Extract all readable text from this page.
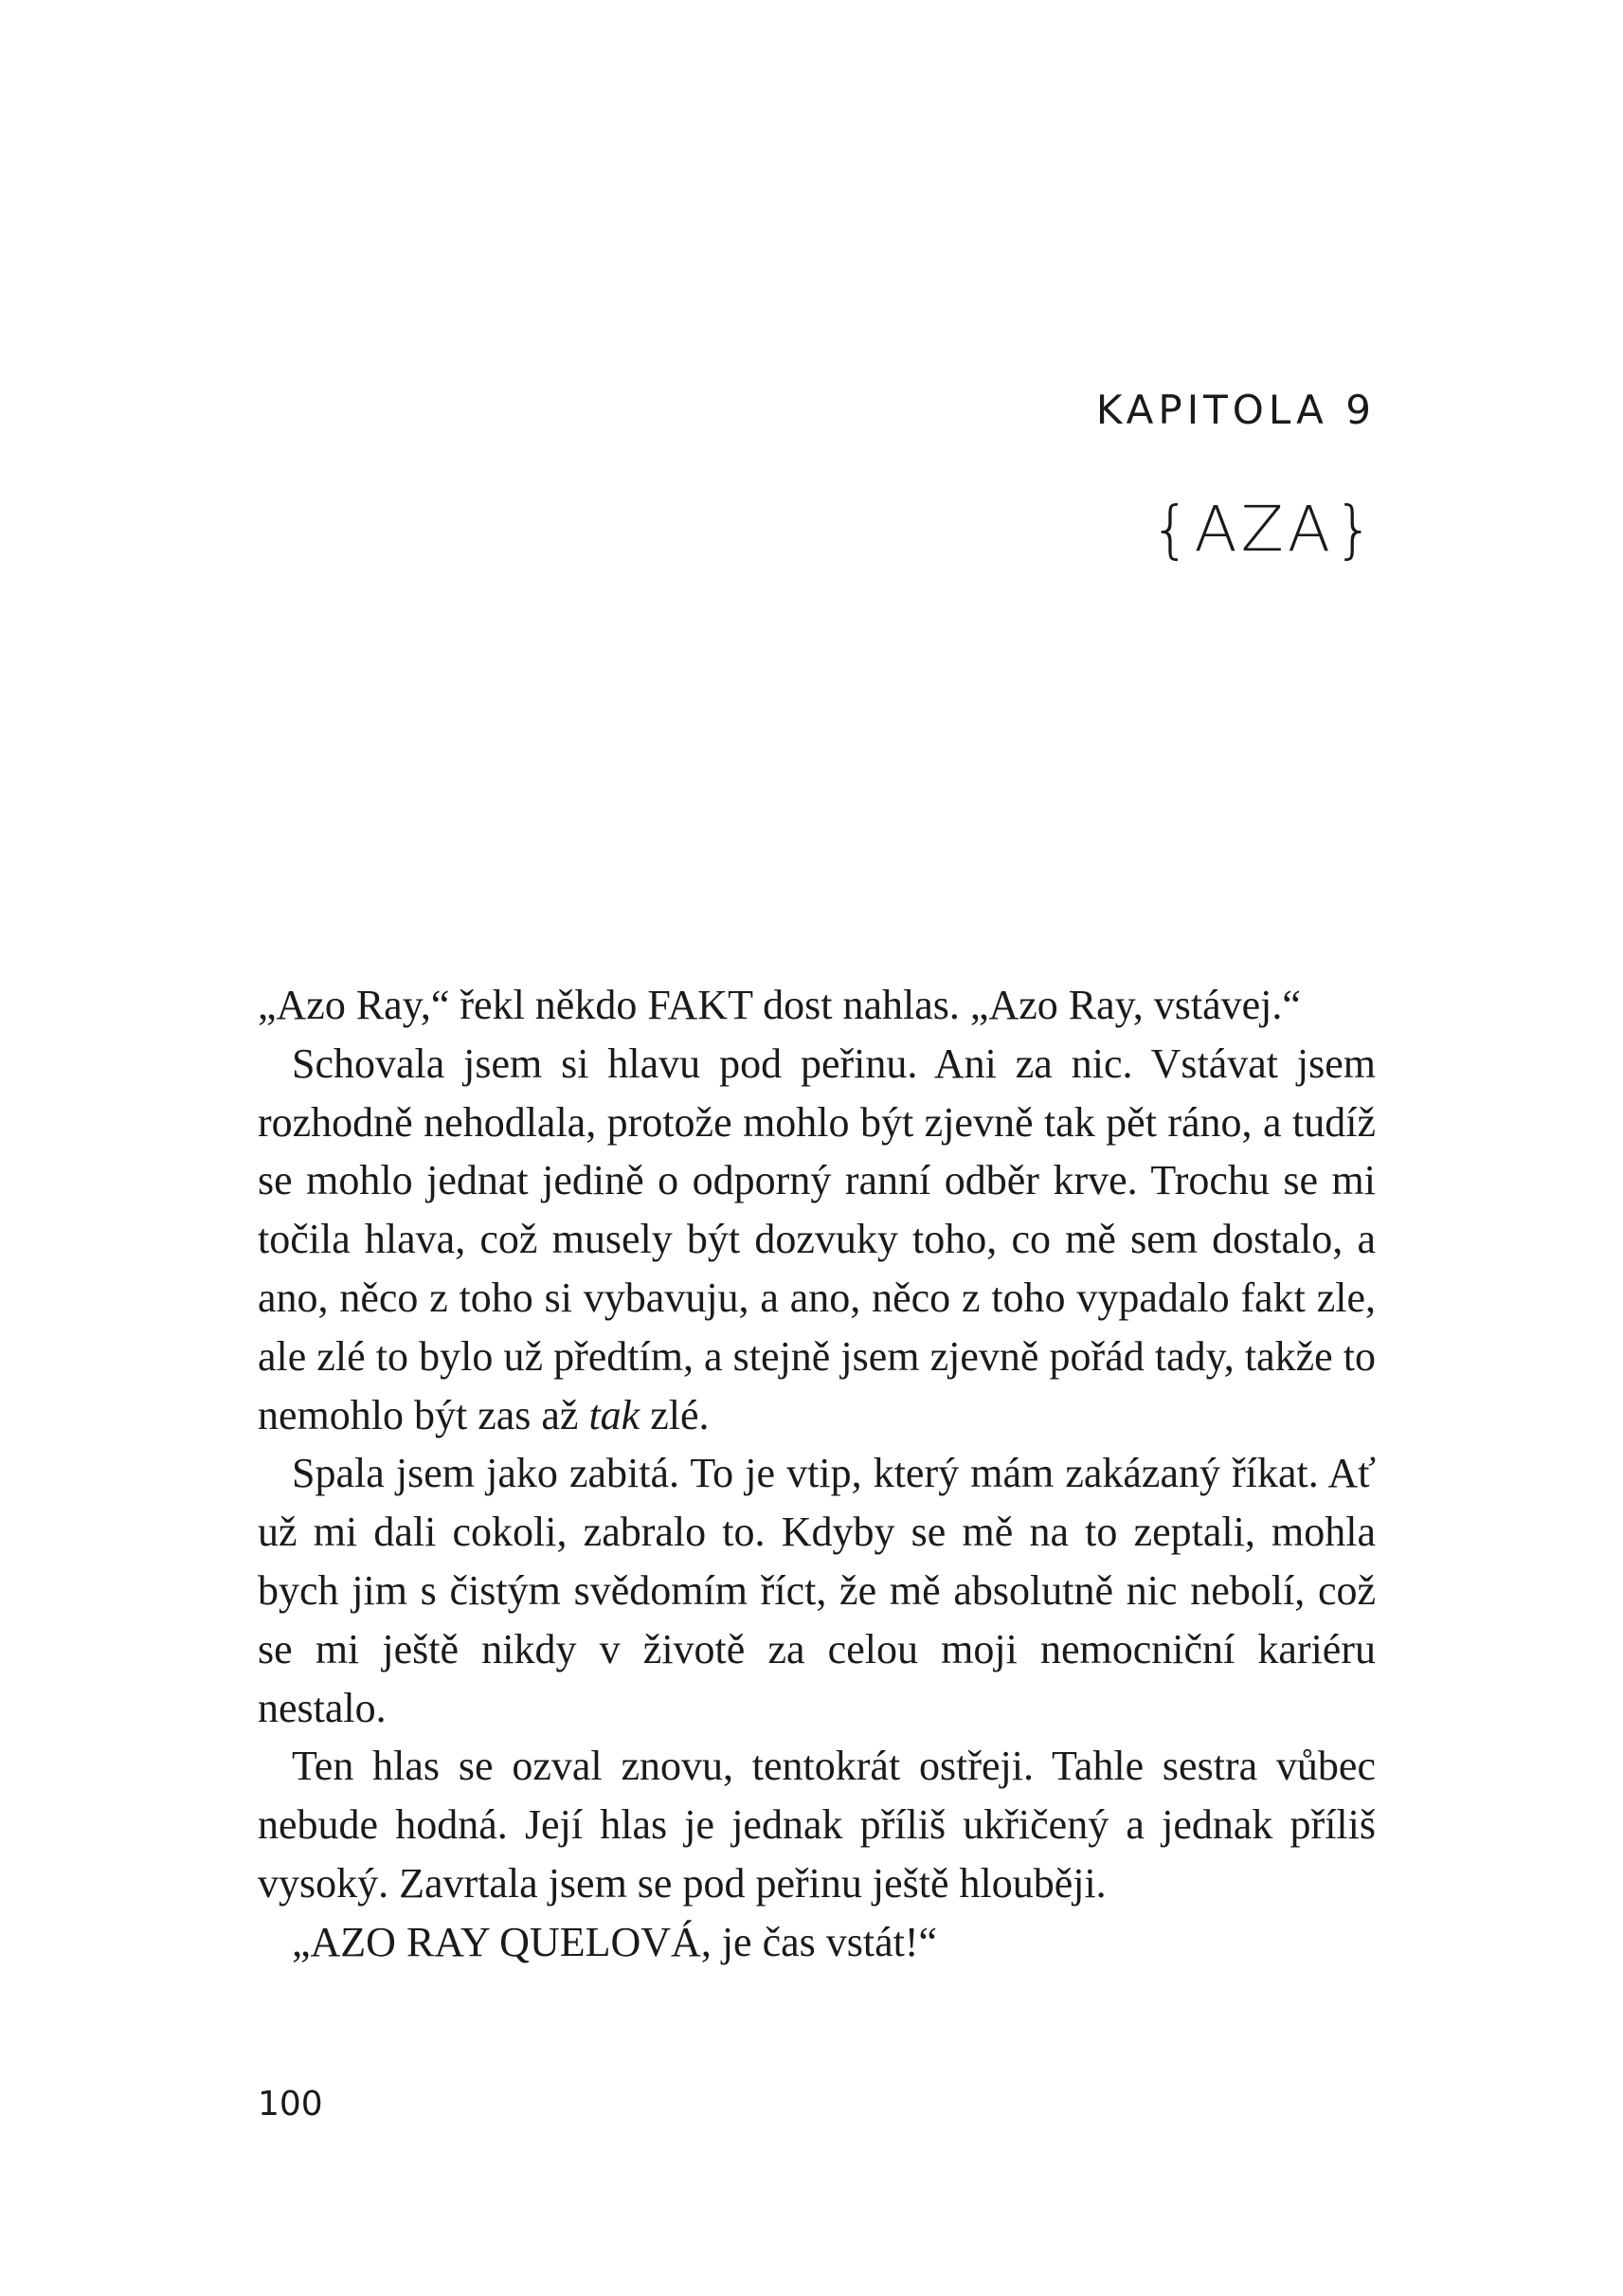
KAPITOLA 9
{AZA}

„Azo Ray,“ řekl někdo FAKT dost nahlas. „Azo Ray, vstávej.“

Schovala jsem si hlavu pod peřinu. Ani za nic. Vstávat jsem rozhodně nehodlala, protože mohlo být zjevně tak pět ráno, a tudíž se mohlo jednat jedině o odporný ranní odběr krve. Trochu se mi točila hlava, což musely být dozvuky toho, co mě sem dostalo, a ano, něco z toho si vybavuju, a ano, něco z toho vypadalo fakt zle, ale zlé to bylo už předtím, a stejně jsem zjevně pořád tady, takže to nemohlo být zas až tak zlé.

Spala jsem jako zabitá. To je vtip, který mám zakázaný říkat. Ať už mi dali cokoli, zabralo to. Kdyby se mě na to zeptali, mohla bych jim s čistým svědomím říct, že mě absolutně nic nebolí, což se mi ještě nikdy v životě za celou moji nemocniční kariéru nestalo.

Ten hlas se ozval znovu, tentokrát ostřeji. Tahle sestra vůbec nebude hodná. Její hlas je jednak příliš ukřičený a jednak příliš vysoký. Zavrtala jsem se pod peřinu ještě hlouběji.

„AZO RAY QUELOVÁ, je čas vstát!“

100
